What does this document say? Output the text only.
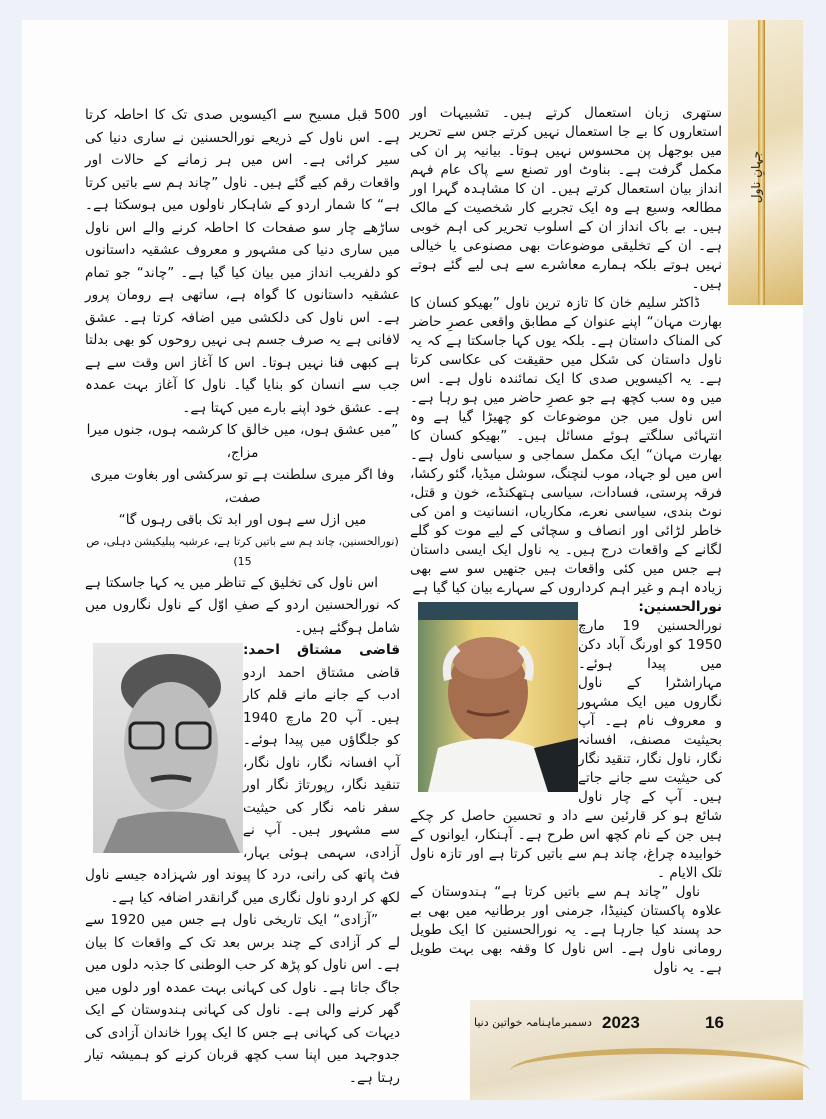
جہانِ ناول

ستھری زبان استعمال کرتے ہیں۔ تشبیہات اور استعاروں کا بے جا استعمال نہیں کرتے جس سے تحریر میں بوجھل پن محسوس نہیں ہوتا۔ بیانیہ پر ان کی مکمل گرفت ہے۔ بناوٹ اور تصنع سے پاک عام فہم انداز بیان استعمال کرتے ہیں۔ ان کا مشاہدہ گہرا اور مطالعہ وسیع ہے وہ ایک تجربے کار شخصیت کے مالک ہیں۔ بے باک انداز ان کے اسلوب تحریر کی اہم خوبی ہے۔ ان کے تخلیقی موضوعات بھی مصنوعی یا خیالی نہیں ہوتے بلکہ ہمارے معاشرے سے ہی لیے گئے ہوتے ہیں۔

ڈاکٹر سلیم خان کا تازہ ترین ناول ”بھیکو کسان کا بھارت مہان“ اپنے عنوان کے مطابق واقعی عصرِ حاضر کی المناک داستان ہے۔ بلکہ یوں کہا جاسکتا ہے کہ یہ ناول داستان کی شکل میں حقیقت کی عکاسی کرتا ہے۔ یہ اکیسویں صدی کا ایک نمائندہ ناول ہے۔ اس میں وہ سب کچھ ہے جو عصرِ حاضر میں ہو رہا ہے۔ اس ناول میں جن موضوعات کو چھیڑا گیا ہے وہ انتہائی سلگتے ہوئے مسائل ہیں۔ ”بھیکو کسان کا بھارت مہان“ ایک مکمل سماجی و سیاسی ناول ہے۔ اس میں لو جہاد، موب لنچنگ، سوشل میڈیا، گئو رکشا، فرقہ پرستی، فسادات، سیاسی ہتھکنڈے، خون و قتل، نوٹ بندی، سیاسی نعرے، مکاریاں، انسانیت و امن کی خاطر لڑائی اور انصاف و سچائی کے لیے موت کو گلے لگانے کے واقعات درج ہیں۔ یہ ناول ایک ایسی داستان ہے جس میں کئی واقعات ہیں جنھیں سو سے بھی زیادہ اہم و غیر اہم کرداروں کے سہارے بیان کیا گیا ہے

نورالحسنین: نورالحسنین 19 مارچ 1950 کو اورنگ آباد دکن میں پیدا ہوئے۔ مہاراشٹرا کے ناول نگاروں میں ایک مشہور و معروف نام ہے۔ آپ بحیثیت مصنف، افسانہ نگار، ناول نگار، تنقید نگار کی حیثیت سے جانے جاتے ہیں۔ آپ کے چار ناول شائع ہو کر قارئین سے داد و تحسین حاصل کر چکے ہیں جن کے نام کچھ اس طرح ہے۔ آہنکار، ایوانوں کے خوابیدہ چراغ، چاند ہم سے باتیں کرتا ہے اور تازہ ناول تلک الایام ۔

ناول ”چاند ہم سے باتیں کرتا ہے“ ہندوستان کے علاوہ پاکستان کینیڈا، جرمنی اور برطانیہ میں بھی بے حد پسند کیا جارہا ہے۔ یہ نورالحسنین کا ایک طویل رومانی ناول ہے۔ اس ناول کا وقفہ بھی بہت طویل ہے۔ یہ ناول

500 قبل مسیح سے اکیسویں صدی تک کا احاطہ کرتا ہے۔ اس ناول کے ذریعے نورالحسنین نے ساری دنیا کی سیر کرائی ہے۔ اس میں ہر زمانے کے حالات اور واقعات رقم کیے گئے ہیں۔ ناول ”چاند ہم سے باتیں کرتا ہے“ کا شمار اردو کے شاہکار ناولوں میں ہوسکتا ہے۔ ساڑھے چار سو صفحات کا احاطہ کرنے والے اس ناول میں ساری دنیا کی مشہور و معروف عشقیہ داستانوں کو دلفریب انداز میں بیان کیا گیا ہے۔ ”چاند“ جو تمام عشقیہ داستانوں کا گواہ ہے، ساتھی ہے رومان پرور ہے۔ اس ناول کی دلکشی میں اضافہ کرتا ہے۔ عشق لافانی ہے یہ صرف جسم ہی نہیں روحوں کو بھی بدلتا ہے کبھی فنا نہیں ہوتا۔ اس کا آغاز اس وقت سے ہے جب سے انسان کو بنایا گیا۔ ناول کا آغاز بہت عمدہ ہے۔ عشق خود اپنے بارے میں کہتا ہے۔

”میں عشق ہوں، میں خالق کا کرشمہ ہوں، جنوں میرا مزاج،

وفا اگر میری سلطنت ہے تو سرکشی اور بغاوت میری صفت،

میں ازل سے ہوں اور ابد تک باقی رہوں گا“

(نورالحسنین، چاند ہم سے باتیں کرتا ہے، عرشیہ پبلیکیشن دہلی، ص 15)

اس ناول کی تخلیق کے تناظر میں یہ کہا جاسکتا ہے کہ نورالحسنین اردو کے صفِ اوّل کے ناول نگاروں میں شامل ہوگئے ہیں۔

قاضی مشتاق احمد: قاضی مشتاق احمد اردو ادب کے جانے مانے قلم کار ہیں۔ آپ 20 مارچ 1940 کو جلگاؤں میں پیدا ہوئے۔ آپ افسانہ نگار، ناول نگار، تنقید نگار، رپورتاژ نگار اور سفر نامہ نگار کی حیثیت سے مشہور ہیں۔ آپ نے آزادی، سہمی ہوئی بہار، فٹ پاتھ کی رانی، درد کا پیوند اور شہزادہ جیسے ناول لکھ کر اردو ناول نگاری میں گرانقدر اضافہ کیا ہے۔

”آزادی“ ایک تاریخی ناول ہے جس میں 1920 سے لے کر آزادی کے چند برس بعد تک کے واقعات کا بیان ہے۔ اس ناول کو پڑھ کر حب الوطنی کا جذبہ دلوں میں جاگ جاتا ہے۔ ناول کی کہانی بہت عمدہ اور دلوں میں گھر کرنے والی ہے۔ ناول کی کہانی ہندوستان کے ایک دیہات کی کہانی ہے جس کا ایک پورا خاندان آزادی کی جدوجہد میں اپنا سب کچھ قربان کرنے کو ہمیشہ تیار رہتا ہے۔

16
2023
دسمبر
ماہنامہ خواتین دنیا
